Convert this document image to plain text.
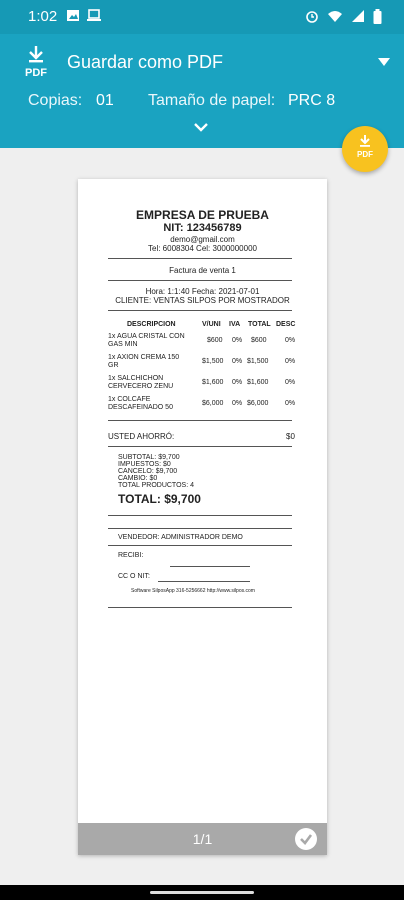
1:02
PDF
Guardar como PDF
Copias: 01 Tamaño de papel: PRC 8
PDF
EMPRESA DE PRUEBA
NIT: 123456789
demo@gmail.com
Tel: 6008304 Cel: 3000000000
Factura de venta 1
Hora: 1:1:40 Fecha: 2021-07-01
CLIENTE: VENTAS SILPOS POR MOSTRADOR
DESCRIPCION	V/UNI IVA TOTAL DESC
1x AGUA CRISTAL CON
GAS MIN
$600 0% $600	0%
1x AXION CREMA 150
GR
$1,500 0% $1,500 0%
1x SALCHICHON
CERVECERO ZENU
$1,600 0% $1,600 0%
1x COLCAFE
DESCAFEINADO 50
$6,000 0% $6,000 0%
USTED AHORRÓ:	$0
SUBTOTAL: $9,700
IMPUESTOS: $0
CANCELO: $9,700
CAMBIO: $0
TOTAL PRODUCTOS: 4
TOTAL: $9,700
VENDEDOR: ADMINISTRADOR DEMO
RECIBI:
CC O NIT:
Software SilposApp 316-5256662 http://www.silpos.com
1/1
